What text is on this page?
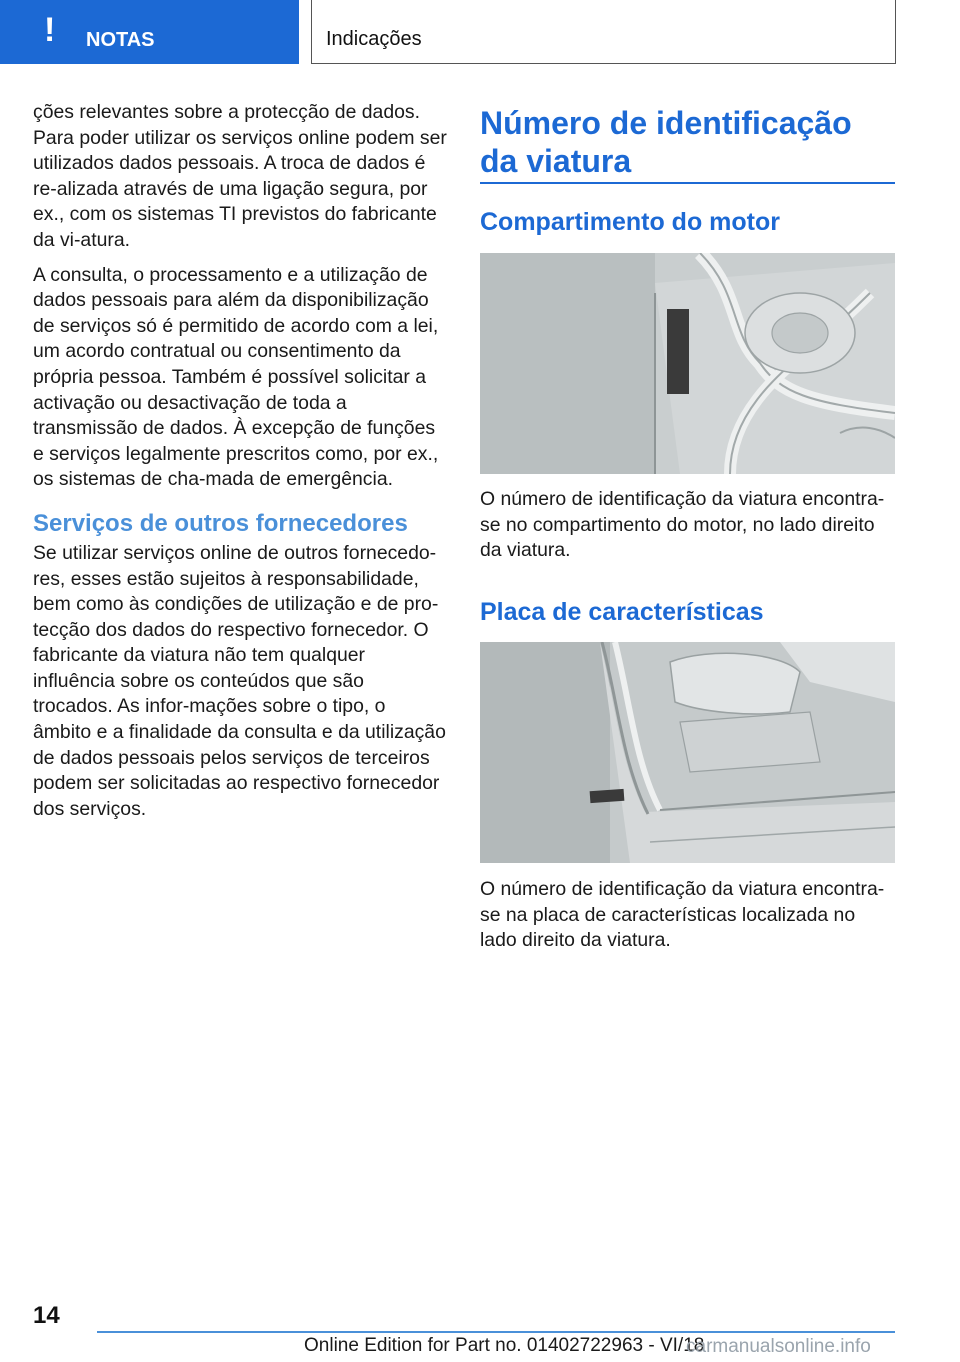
! NOTAS	Indicações

ções relevantes sobre a protecção de dados. Para poder utilizar os serviços online podem ser utilizados dados pessoais. A troca de dados é re-alizada através de uma ligação segura, por ex., com os sistemas TI previstos do fabricante da vi-atura.

A consulta, o processamento e a utilização de dados pessoais para além da disponibilização de serviços só é permitido de acordo com a lei, um acordo contratual ou consentimento da própria pessoa. Também é possível solicitar a activação ou desactivação de toda a transmissão de dados. À excepção de funções e serviços legalmente prescritos como, por ex., os sistemas de cha-mada de emergência.

Serviços de outros fornecedores

Se utilizar serviços online de outros fornecedo-res, esses estão sujeitos à responsabilidade, bem como às condições de utilização e de pro-tecção dos dados do respectivo fornecedor. O fabricante da viatura não tem qualquer influência sobre os conteúdos que são trocados. As infor-mações sobre o tipo, o âmbito e a finalidade da consulta e da utilização de dados pessoais pelos serviços de terceiros podem ser solicitadas ao respectivo fornecedor dos serviços.

Número de identificação da viatura
Compartimento do motor

O número de identificação da viatura encontra-se no compartimento do motor, no lado direito da viatura.

Placa de características

O número de identificação da viatura encontra-se na placa de características localizada no lado direito da viatura.

14
Online Edition for Part no. 01402722963 - VI/18
carmanualsonline.info
